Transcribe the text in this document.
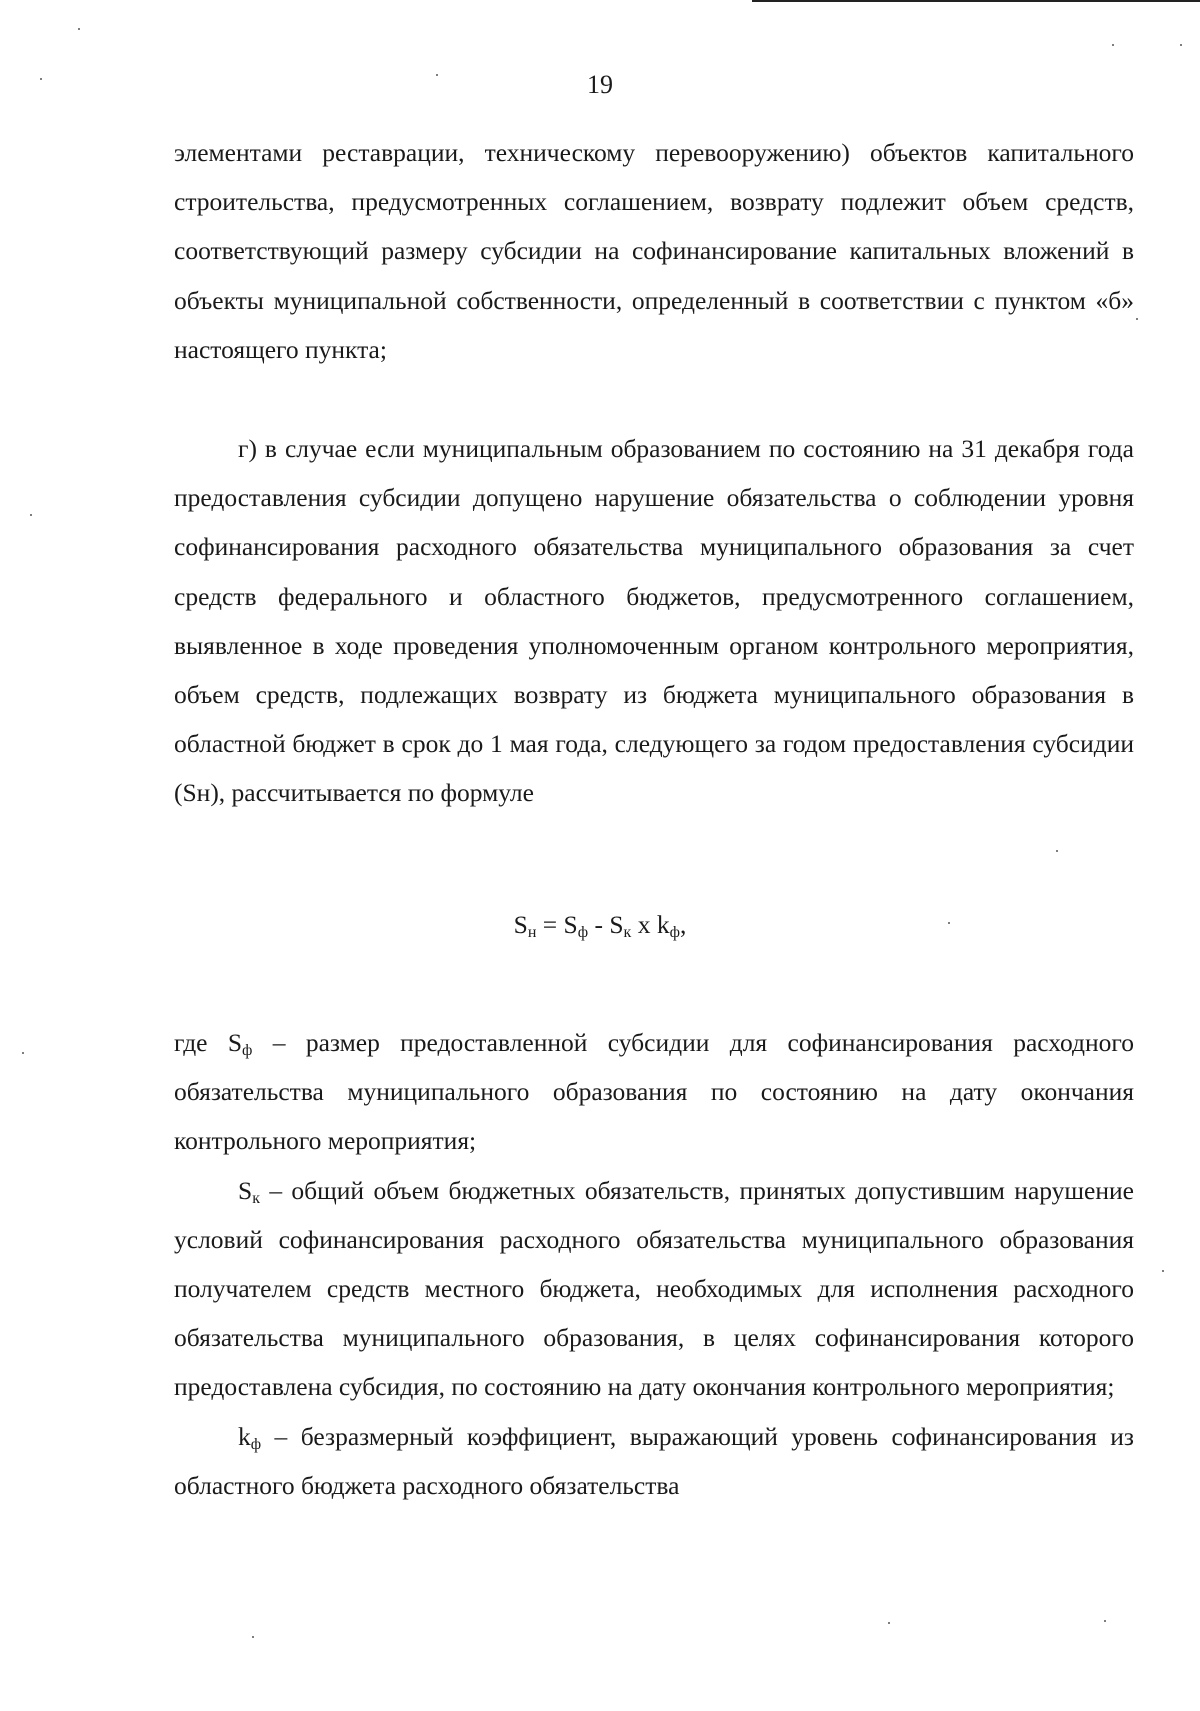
19

элементами реставрации, техническому перевооружению) объектов капитального строительства, предусмотренных соглашением, возврату подлежит объем средств, соответствующий размеру субсидии на софинансирование капитальных вложений в объекты муниципальной собственности, определенный в соответствии с пунктом «б» настоящего пункта;

г) в случае если муниципальным образованием по состоянию на 31 декабря года предоставления субсидии допущено нарушение обязательства о соблюдении уровня софинансирования расходного обязательства муниципального образования за счет средств федерального и областного бюджетов, предусмотренного соглашением, выявленное в ходе проведения уполномоченным органом контрольного мероприятия, объем средств, подлежащих возврату из бюджета муниципального образования в областной бюджет в срок до 1 мая года, следующего за годом предоставления субсидии (Sн), рассчитывается по формуле

$S_н = S_ф - S_к$ x $k_ф$,

где $S_ф$ – размер предоставленной субсидии для софинансирования расходного обязательства муниципального образования по состоянию на дату окончания контрольного мероприятия;

$S_к$ – общий объем бюджетных обязательств, принятых допустившим нарушение условий софинансирования расходного обязательства муниципального образования получателем средств местного бюджета, необходимых для исполнения расходного обязательства муниципального образования, в целях софинансирования которого предоставлена субсидия, по состоянию на дату окончания контрольного мероприятия;

$k_ф$ – безразмерный коэффициент, выражающий уровень софинансирования из областного бюджета расходного обязательства
